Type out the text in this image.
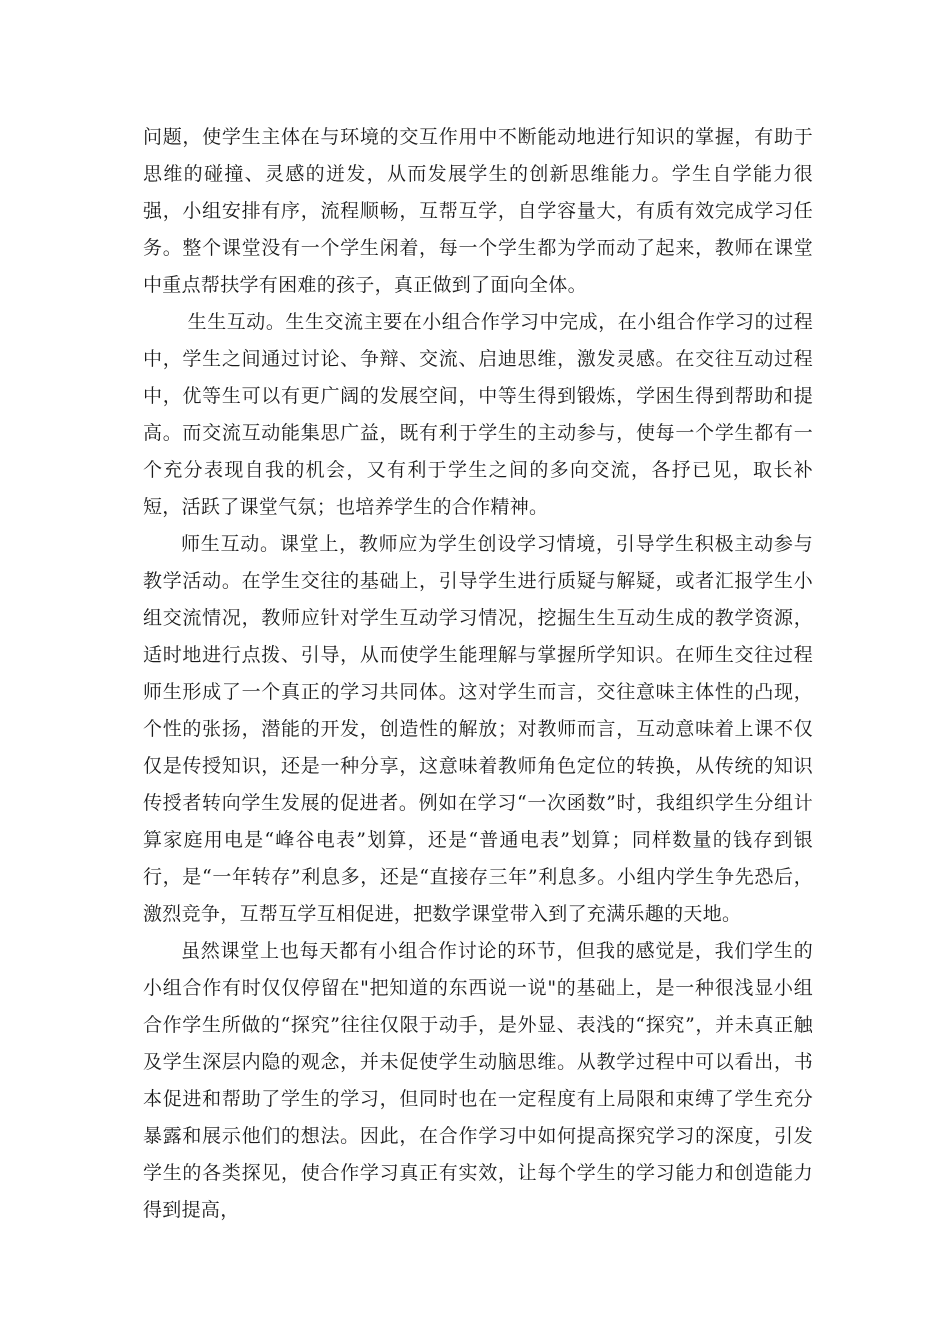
问题，使学生主体在与环境的交互作用中不断能动地进行知识的掌握，有助于思维的碰撞、灵感的迸发，从而发展学生的创新思维能力。学生自学能力很强，小组安排有序，流程顺畅，互帮互学，自学容量大，有质有效完成学习任务。整个课堂没有一个学生闲着，每一个学生都为学而动了起来，教师在课堂中重点帮扶学有困难的孩子，真正做到了面向全体。

生生互动。生生交流主要在小组合作学习中完成，在小组合作学习的过程中，学生之间通过讨论、争辩、交流、启迪思维，激发灵感。在交往互动过程中，优等生可以有更广阔的发展空间，中等生得到锻炼，学困生得到帮助和提高。而交流互动能集思广益，既有利于学生的主动参与，使每一个学生都有一个充分表现自我的机会，又有利于学生之间的多向交流，各抒已见，取长补短，活跃了课堂气氛；也培养学生的合作精神。

师生互动。课堂上，教师应为学生创设学习情境，引导学生积极主动参与教学活动。在学生交往的基础上，引导学生进行质疑与解疑，或者汇报学生小组交流情况，教师应针对学生互动学习情况，挖掘生生互动生成的教学资源，适时地进行点拨、引导，从而使学生能理解与掌握所学知识。在师生交往过程师生形成了一个真正的学习共同体。这对学生而言，交往意味主体性的凸现，个性的张扬，潜能的开发，创造性的解放；对教师而言，互动意味着上课不仅仅是传授知识，还是一种分享，这意味着教师角色定位的转换，从传统的知识传授者转向学生发展的促进者。例如在学习“一次函数”时，我组织学生分组计算家庭用电是“峰谷电表”划算，还是“普通电表”划算；同样数量的钱存到银行，是“一年转存”利息多，还是“直接存三年”利息多。小组内学生争先恐后，激烈竞争，互帮互学互相促进，把数学课堂带入到了充满乐趣的天地。

虽然课堂上也每天都有小组合作讨论的环节，但我的感觉是，我们学生的小组合作有时仅仅停留在"把知道的东西说一说"的基础上，是一种很浅显小组合作学生所做的“探究”往往仅限于动手，是外显、表浅的“探究”，并未真正触及学生深层内隐的观念，并未促使学生动脑思维。从教学过程中可以看出，书本促进和帮助了学生的学习，但同时也在一定程度有上局限和束缚了学生充分暴露和展示他们的想法。因此，在合作学习中如何提高探究学习的深度，引发学生的各类探见，使合作学习真正有实效，让每个学生的学习能力和创造能力得到提高，
